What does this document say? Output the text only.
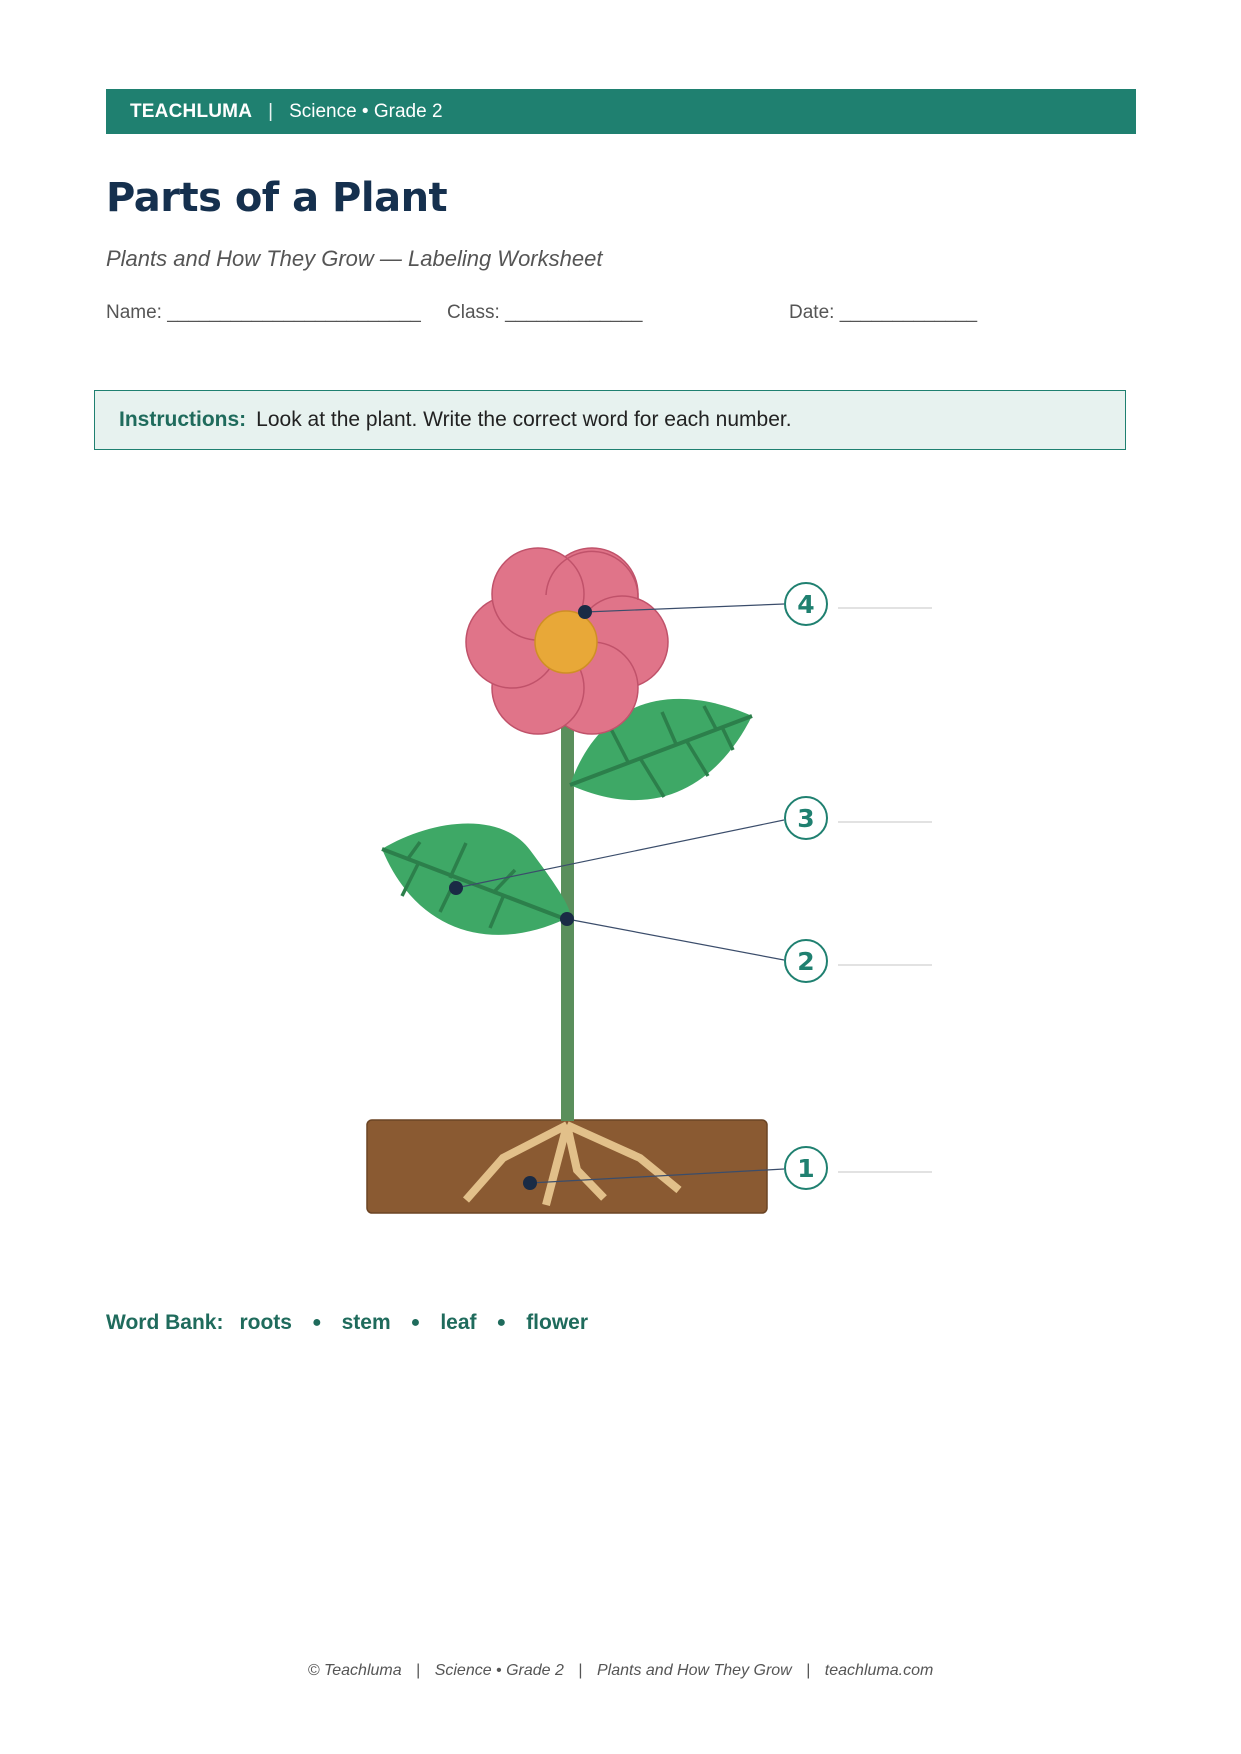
TEACHLUMA | Science • Grade 2
Parts of a Plant
Plants and How They Grow — Labeling Worksheet
Name: ________________________ Class: _____________	Date: _____________
Instructions: Look at the plant. Write the correct word for each number.
4
3
2
1
Word Bank: roots ● stem ● leaf ● flower
© Teachluma | Science • Grade 2 | Plants and How They Grow | teachluma.com
